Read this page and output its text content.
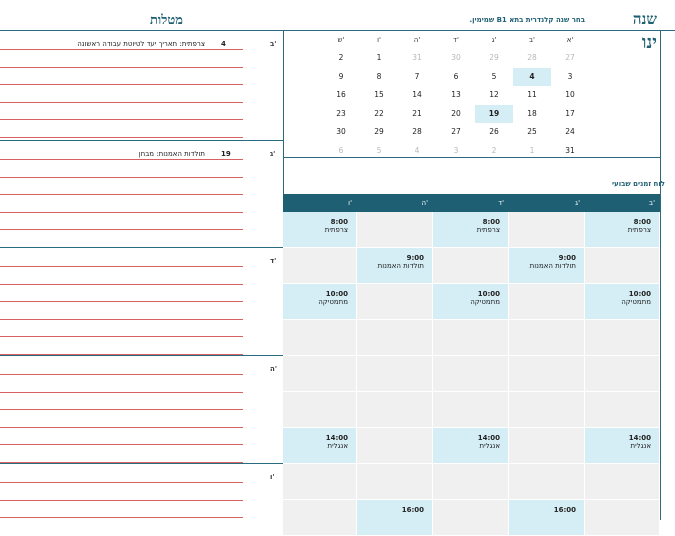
שנה
ינו
בחר שנה קלנדרית בתא B1 שמימין.
מטלות
א'
ב'
ג'
ד'
ה'
ו'
ש'
27
28
29
30
31
1
2
3
4
5
6
7
8
9
10
11
12
13
14
15
16
17
18
19
20
21
22
23
24
25
26
27
28
29
30
31
1
2
3
4
5
6
לוח זמנים שבועי
ב'
ג'
ד'
ה'
ו'
8:00
צרפתית
8:00
צרפתית
8:00
צרפתית
9:00
תולדות האמנות
9:00
תולדות האמנות
10:00
מתמטיקה
10:00
מתמטיקה
10:00
מתמטיקה
14:00
אנגלית
14:00
אנגלית
14:00
אנגלית
16:00
16:00
ב'
4
צרפתית: תאריך יעד לטיוטת עבודה ראשונה
ג'
19
תולדות האמנות: מבחן
ד'
ה'
ו'
